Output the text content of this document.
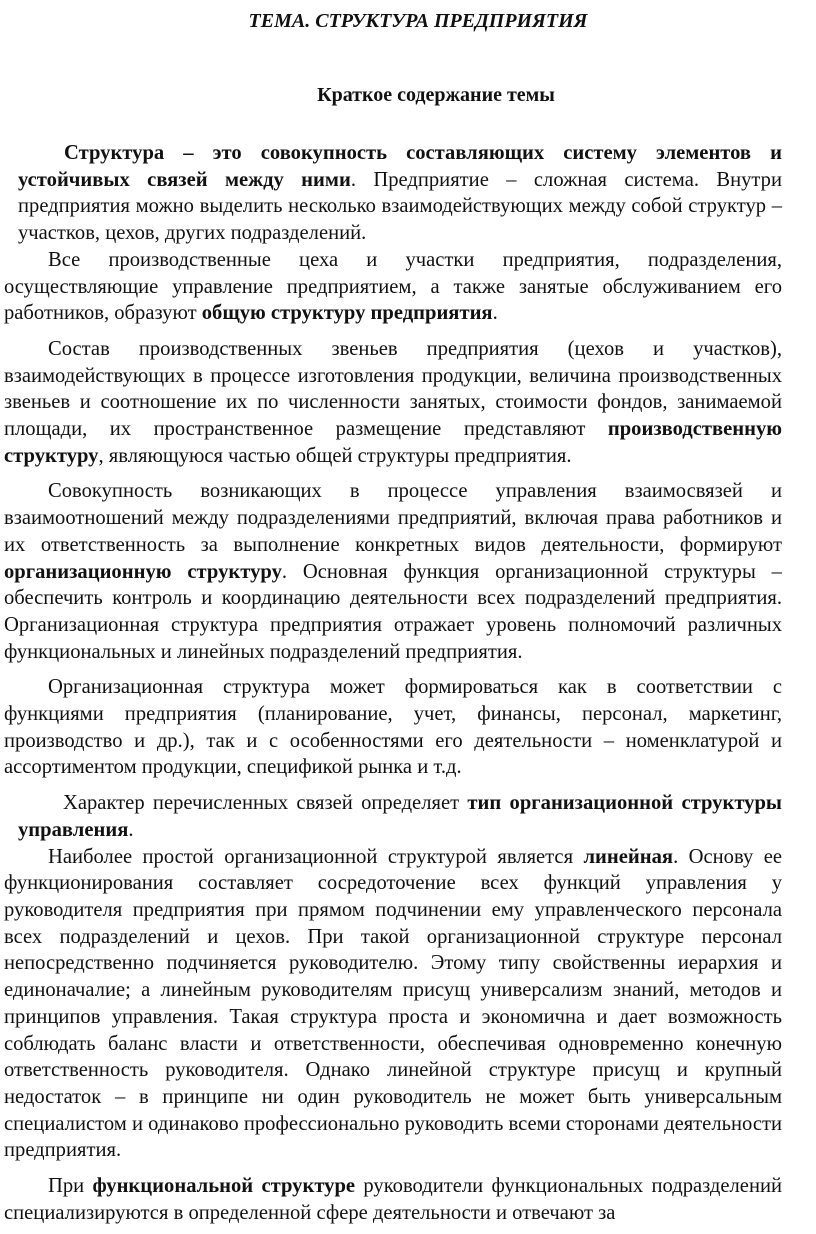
ТЕМА. СТРУКТУРА ПРЕДПРИЯТИЯ
Краткое содержание темы

Структура – это совокупность составляющих систему элементов и устойчивых связей между ними. Предприятие – сложная система. Внутри предприятия можно выделить несколько взаимодействующих между собой структур – участков, цехов, других подразделений.

Все производственные цеха и участки предприятия, подразделения, осуществляющие управление предприятием, а также занятые обслуживанием его работников, образуют общую структуру предприятия.

Состав производственных звеньев предприятия (цехов и участков), взаимодействующих в процессе изготовления продукции, величина производственных звеньев и соотношение их по численности занятых, стоимости фондов, занимаемой площади, их пространственное размещение представляют производственную структуру, являющуюся частью общей структуры предприятия.

Совокупность возникающих в процессе управления взаимосвязей и взаимоотношений между подразделениями предприятий, включая права работников и их ответственность за выполнение конкретных видов деятельности, формируют организационную структуру. Основная функция организационной структуры – обеспечить контроль и координацию деятельности всех подразделений предприятия. Организационная структура предприятия отражает уровень полномочий различных функциональных и линейных подразделений предприятия.

Организационная структура может формироваться как в соответствии с функциями предприятия (планирование, учет, финансы, персонал, маркетинг, производство и др.), так и с особенностями его деятельности – номенклатурой и ассортиментом продукции, спецификой рынка и т.д.

Характер перечисленных связей определяет тип организационной структуры управления.

Наиболее простой организационной структурой является линейная. Основу ее функционирования составляет сосредоточение всех функций управления у руководителя предприятия при прямом подчинении ему управленческого персонала всех подразделений и цехов. При такой организационной структуре персонал непосредственно подчиняется руководителю. Этому типу свойственны иерархия и единоначалие; а линейным руководителям присущ универсализм знаний, методов и принципов управления. Такая структура проста и экономична и дает возможность соблюдать баланс власти и ответственности, обеспечивая одновременно конечную ответственность руководителя. Однако линейной структуре присущ и крупный недостаток – в принципе ни один руководитель не может быть универсальным специалистом и одинаково профессионально руководить всеми сторонами деятельности предприятия.

При функциональной структуре руководители функциональных подразделений специализируются в определенной сфере деятельности и отвечают за
